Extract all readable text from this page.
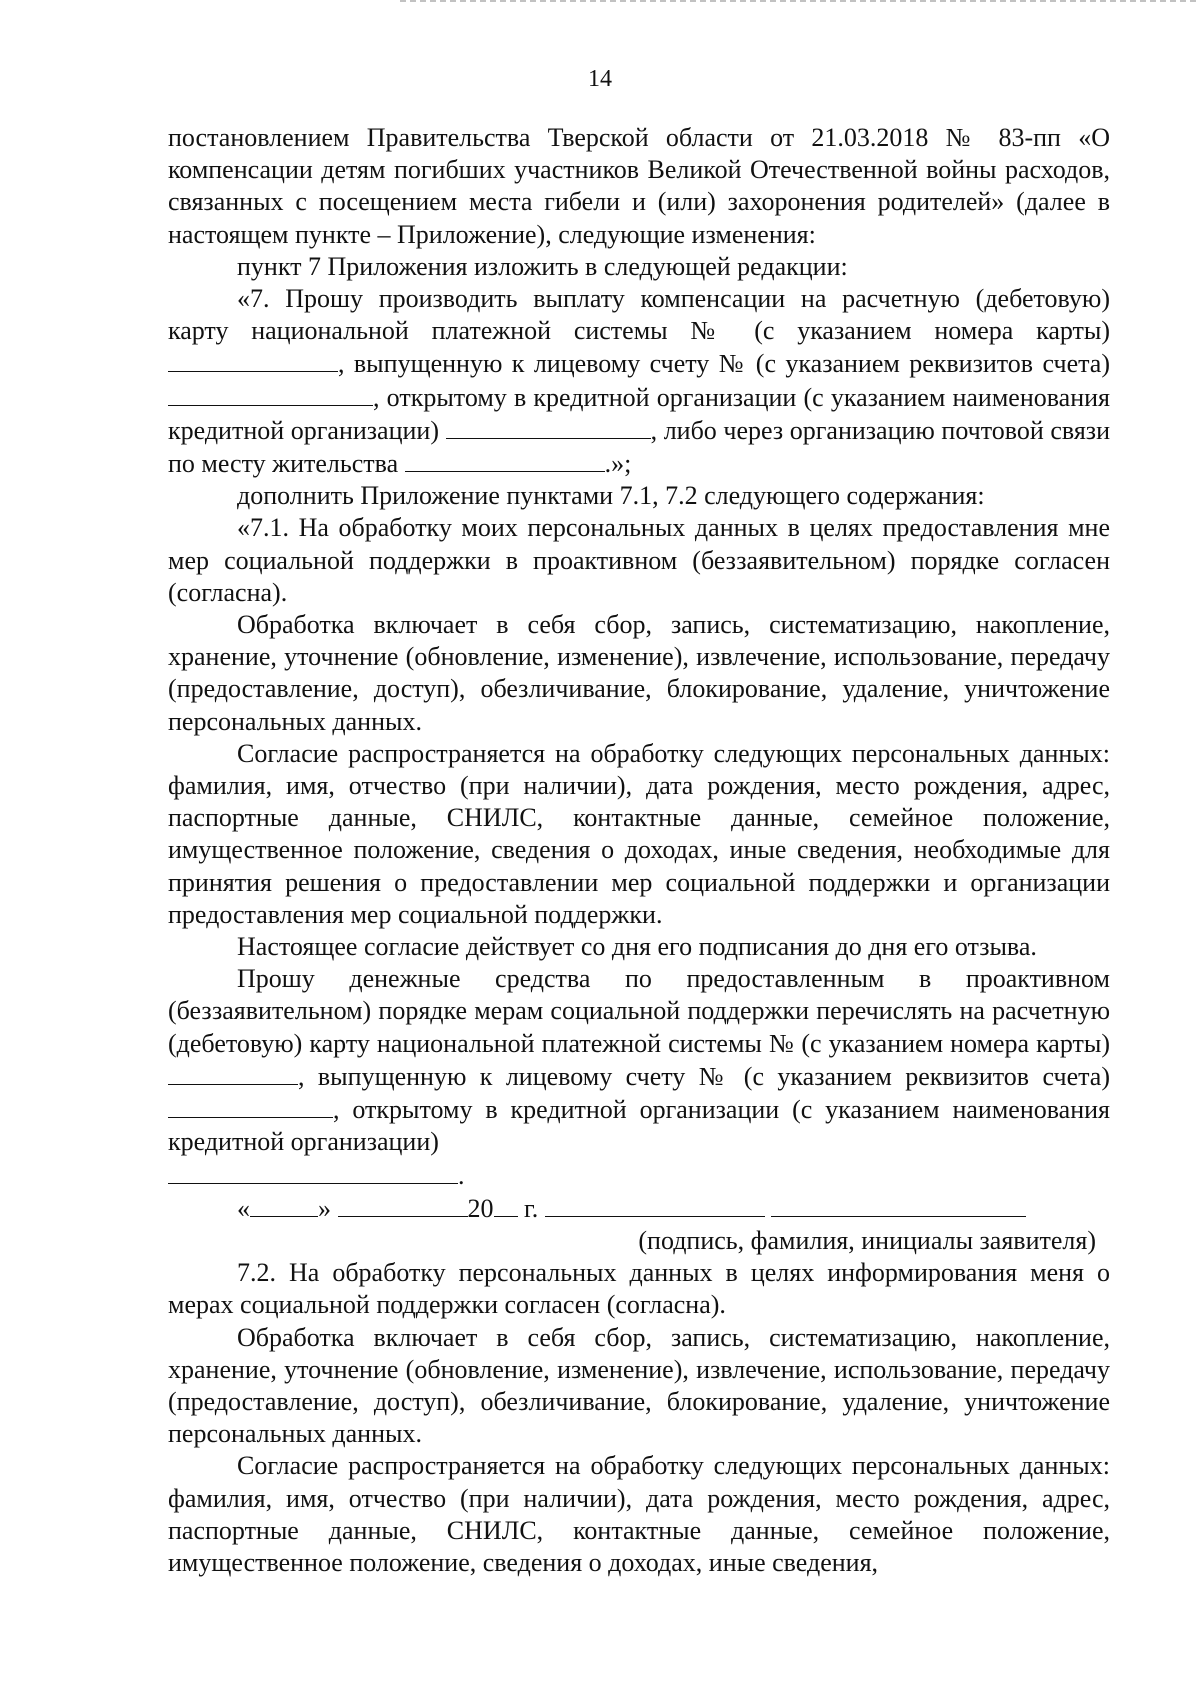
14

постановлением Правительства Тверской области от 21.03.2018 № 83-пп «О компенсации детям погибших участников Великой Отечественной войны расходов, связанных с посещением места гибели и (или) захоронения родителей» (далее в настоящем пункте – Приложение), следующие изменения:

пункт 7 Приложения изложить в следующей редакции:

«7. Прошу производить выплату компенсации на расчетную (дебетовую) карту национальной платежной системы № (с указанием номера карты) , выпущенную к лицевому счету № (с указанием реквизитов счета) , открытому в кредитной организации (с указанием наименования кредитной организации)	, либо через организацию почтовой связи по месту жительства	.»;

дополнить Приложение пунктами 7.1, 7.2 следующего содержания:

«7.1. На обработку моих персональных данных в целях предоставления мне мер социальной поддержки в проактивном (беззаявительном) порядке согласен (согласна).

Обработка включает в себя сбор, запись, систематизацию, накопление, хранение, уточнение (обновление, изменение), извлечение, использование, передачу (предоставление, доступ), обезличивание, блокирование, удаление, уничтожение персональных данных.

Согласие распространяется на обработку следующих персональных данных: фамилия, имя, отчество (при наличии), дата рождения, место рождения, адрес, паспортные данные, СНИЛС, контактные данные, семейное положение, имущественное положение, сведения о доходах, иные сведения, необходимые для принятия решения о предоставлении мер социальной поддержки и организации предоставления мер социальной поддержки.

Настоящее согласие действует со дня его подписания до дня его отзыва.

Прошу денежные средства по предоставленным в проактивном (беззаявительном) порядке мерам социальной поддержки перечислять на расчетную (дебетовую) карту национальной платежной системы № (с указанием номера карты) , выпущенную к лицевому счету № (с указанием реквизитов счета) , открытому в кредитной организации (с указанием наименования кредитной организации)

.

«	»	20 г.

(подпись, фамилия, инициалы заявителя)

7.2. На обработку персональных данных в целях информирования меня о мерах социальной поддержки согласен (согласна).

Обработка включает в себя сбор, запись, систематизацию, накопление, хранение, уточнение (обновление, изменение), извлечение, использование, передачу (предоставление, доступ), обезличивание, блокирование, удаление, уничтожение персональных данных.

Согласие распространяется на обработку следующих персональных данных: фамилия, имя, отчество (при наличии), дата рождения, место рождения, адрес, паспортные данные, СНИЛС, контактные данные, семейное положение, имущественное положение, сведения о доходах, иные сведения,
